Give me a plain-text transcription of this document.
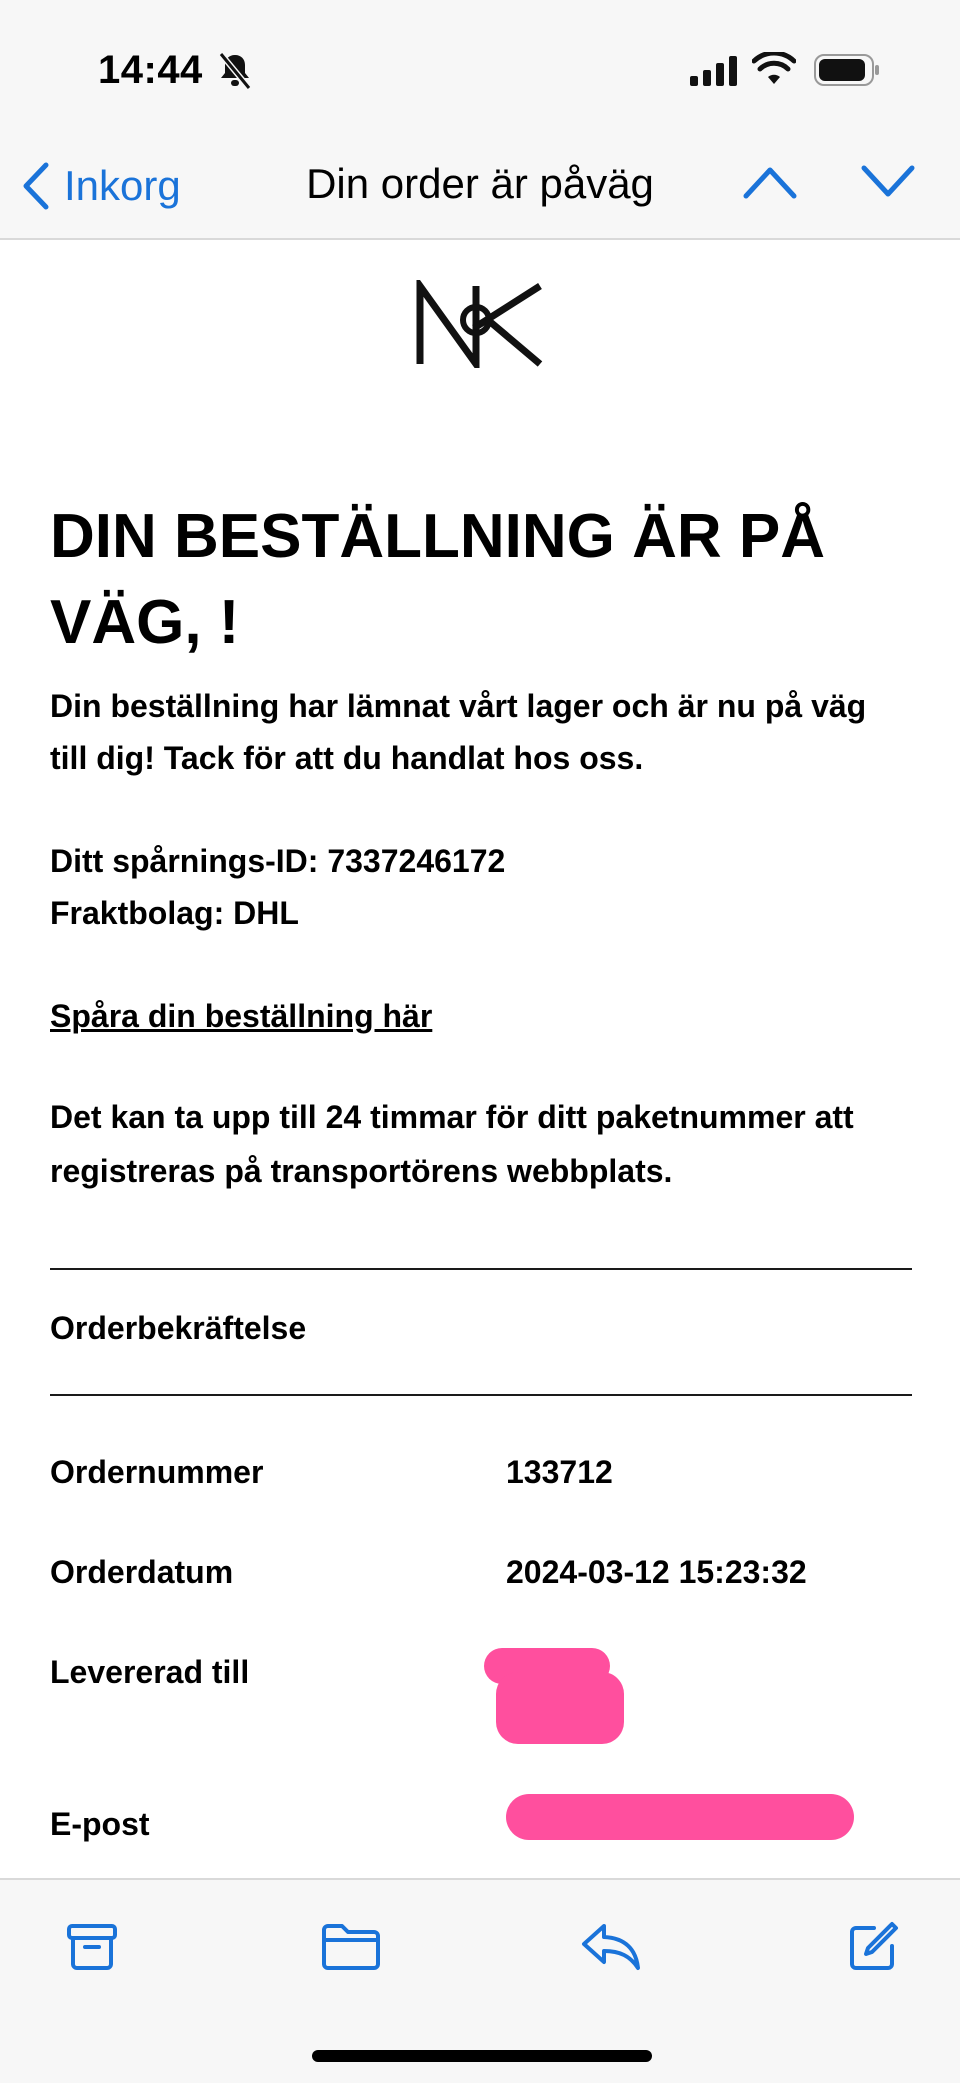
14:44
Inkorg	Din order är påväg
DIN BESTÄLLNING ÄR PÅ VÄG, !
Din beställning har lämnat vårt lager och är nu på väg till dig! Tack för att du handlat hos oss.
Ditt spårnings-ID: 7337246172
Fraktbolag: DHL
Spåra din beställning här
Det kan ta upp till 24 timmar för ditt paketnummer att registreras på transportörens webbplats.
Orderbekräftelse
Ordernummer	133712
Orderdatum	2024-03-12 15:23:32
Levererad till
E-post
